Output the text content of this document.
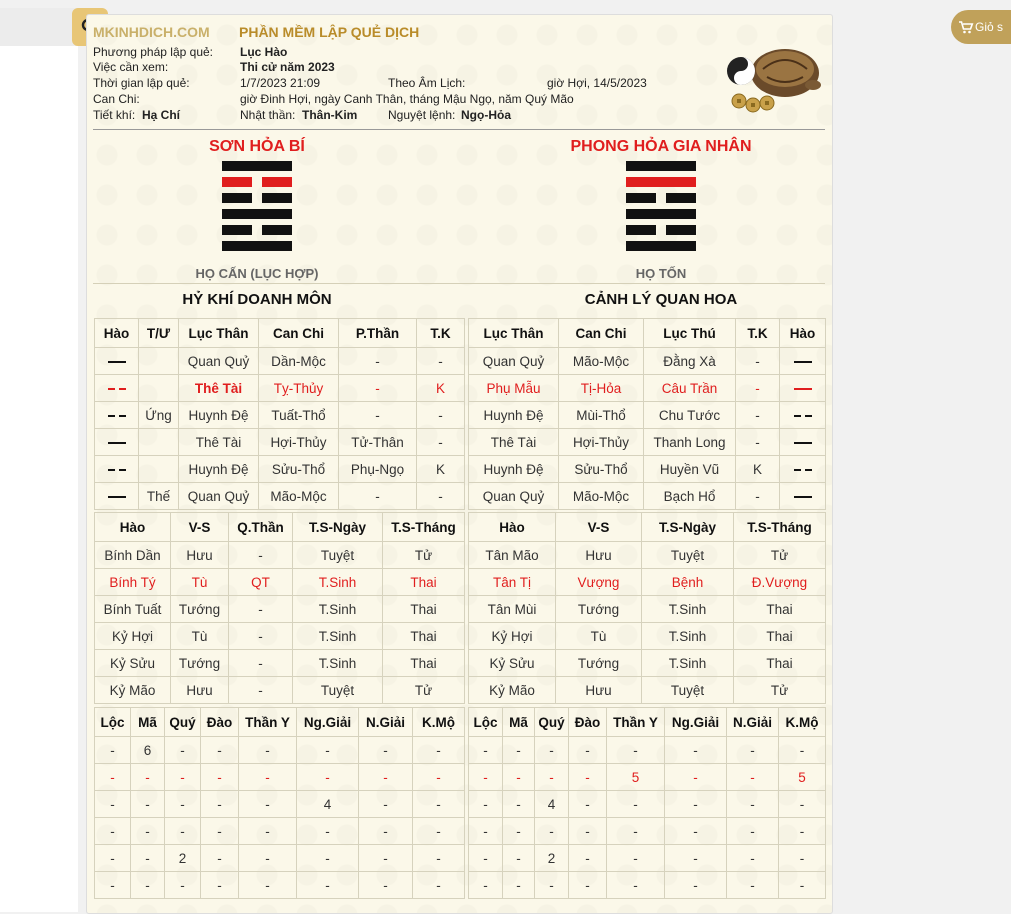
Giỏ s
MKINHDICH.COM PHẦN MỀM LẬP QUẺ DỊCH
Phương pháp lập quẻ: Lục Hào
Việc cần xem:	Thi cử năm 2023
Thời gian lập quẻ:	1/7/2023 21:09	Theo Âm Lịch:	giờ Hợi, 14/5/2023
Can Chi:	giờ Đinh Hợi, ngày Canh Thân, tháng Mậu Ngọ, năm Quý Mão
Tiết khí: Hạ Chí	Nhật thần: Thân-Kim	Nguyệt lệnh: Ngọ-Hỏa
SƠN HỎA BÍ
HỌ CẤN (LỤC HỢP)
PHONG HỎA GIA NHÂN
HỌ TỐN
HỶ KHÍ DOANH MÔN	CẢNH LÝ QUAN HOA
Hào	T/Ư	Lục Thân	Can Chi	P.Thần	T.K
		Quan Quỷ	Dần-Mộc	-	-
		Thê Tài	Tỵ-Thủy	-	K
	Ứng	Huynh Đệ	Tuất-Thổ	-	-
		Thê Tài	Hợi-Thủy	Tử-Thân	-
		Huynh Đệ	Sửu-Thổ	Phụ-Ngọ	K
	Thế	Quan Quỷ	Mão-Mộc	-	-
Lục Thân	Can Chi	Lục Thú	T.K	Hào
Quan Quỷ	Mão-Mộc	Đằng Xà	-	
Phụ Mẫu	Tị-Hỏa	Câu Trần	-	
Huynh Đệ	Mùi-Thổ	Chu Tước	-	
Thê Tài	Hợi-Thủy	Thanh Long	-	
Huynh Đệ	Sửu-Thổ	Huyền Vũ	K	
Quan Quỷ	Mão-Mộc	Bạch Hổ	-	
Hào	V-S	Q.Thần	T.S-Ngày	T.S-Tháng
Bính Dần	Hưu	-	Tuyệt	Tử
Bính Tý	Tù	QT	T.Sinh	Thai
Bính Tuất	Tướng	-	T.Sinh	Thai
Kỷ Hợi	Tù	-	T.Sinh	Thai
Kỷ Sửu	Tướng	-	T.Sinh	Thai
Kỷ Mão	Hưu	-	Tuyệt	Tử
Hào	V-S	T.S-Ngày	T.S-Tháng
Tân Mão	Hưu	Tuyệt	Tử
Tân Tị	Vượng	Bệnh	Đ.Vượng
Tân Mùi	Tướng	T.Sinh	Thai
Kỷ Hợi	Tù	T.Sinh	Thai
Kỷ Sửu	Tướng	T.Sinh	Thai
Kỷ Mão	Hưu	Tuyệt	Tử
Lộc	Mã	Quý	Đào	Thần Y	Ng.Giải	N.Giải	K.Mộ
-	6	-	-	-	-	-	-
-	-	-	-	-	-	-	-
-	-	-	-	-	4	-	-
-	-	-	-	-	-	-	-
-	-	2	-	-	-	-	-
-	-	-	-	-	-	-	-
Lộc	Mã	Quý	Đào	Thần Y	Ng.Giải	N.Giải	K.Mộ
-	-	-	-	-	-	-	-
-	-	-	-	5	-	-	5
-	-	4	-	-	-	-	-
-	-	-	-	-	-	-	-
-	-	2	-	-	-	-	-
-	-	-	-	-	-	-	-
